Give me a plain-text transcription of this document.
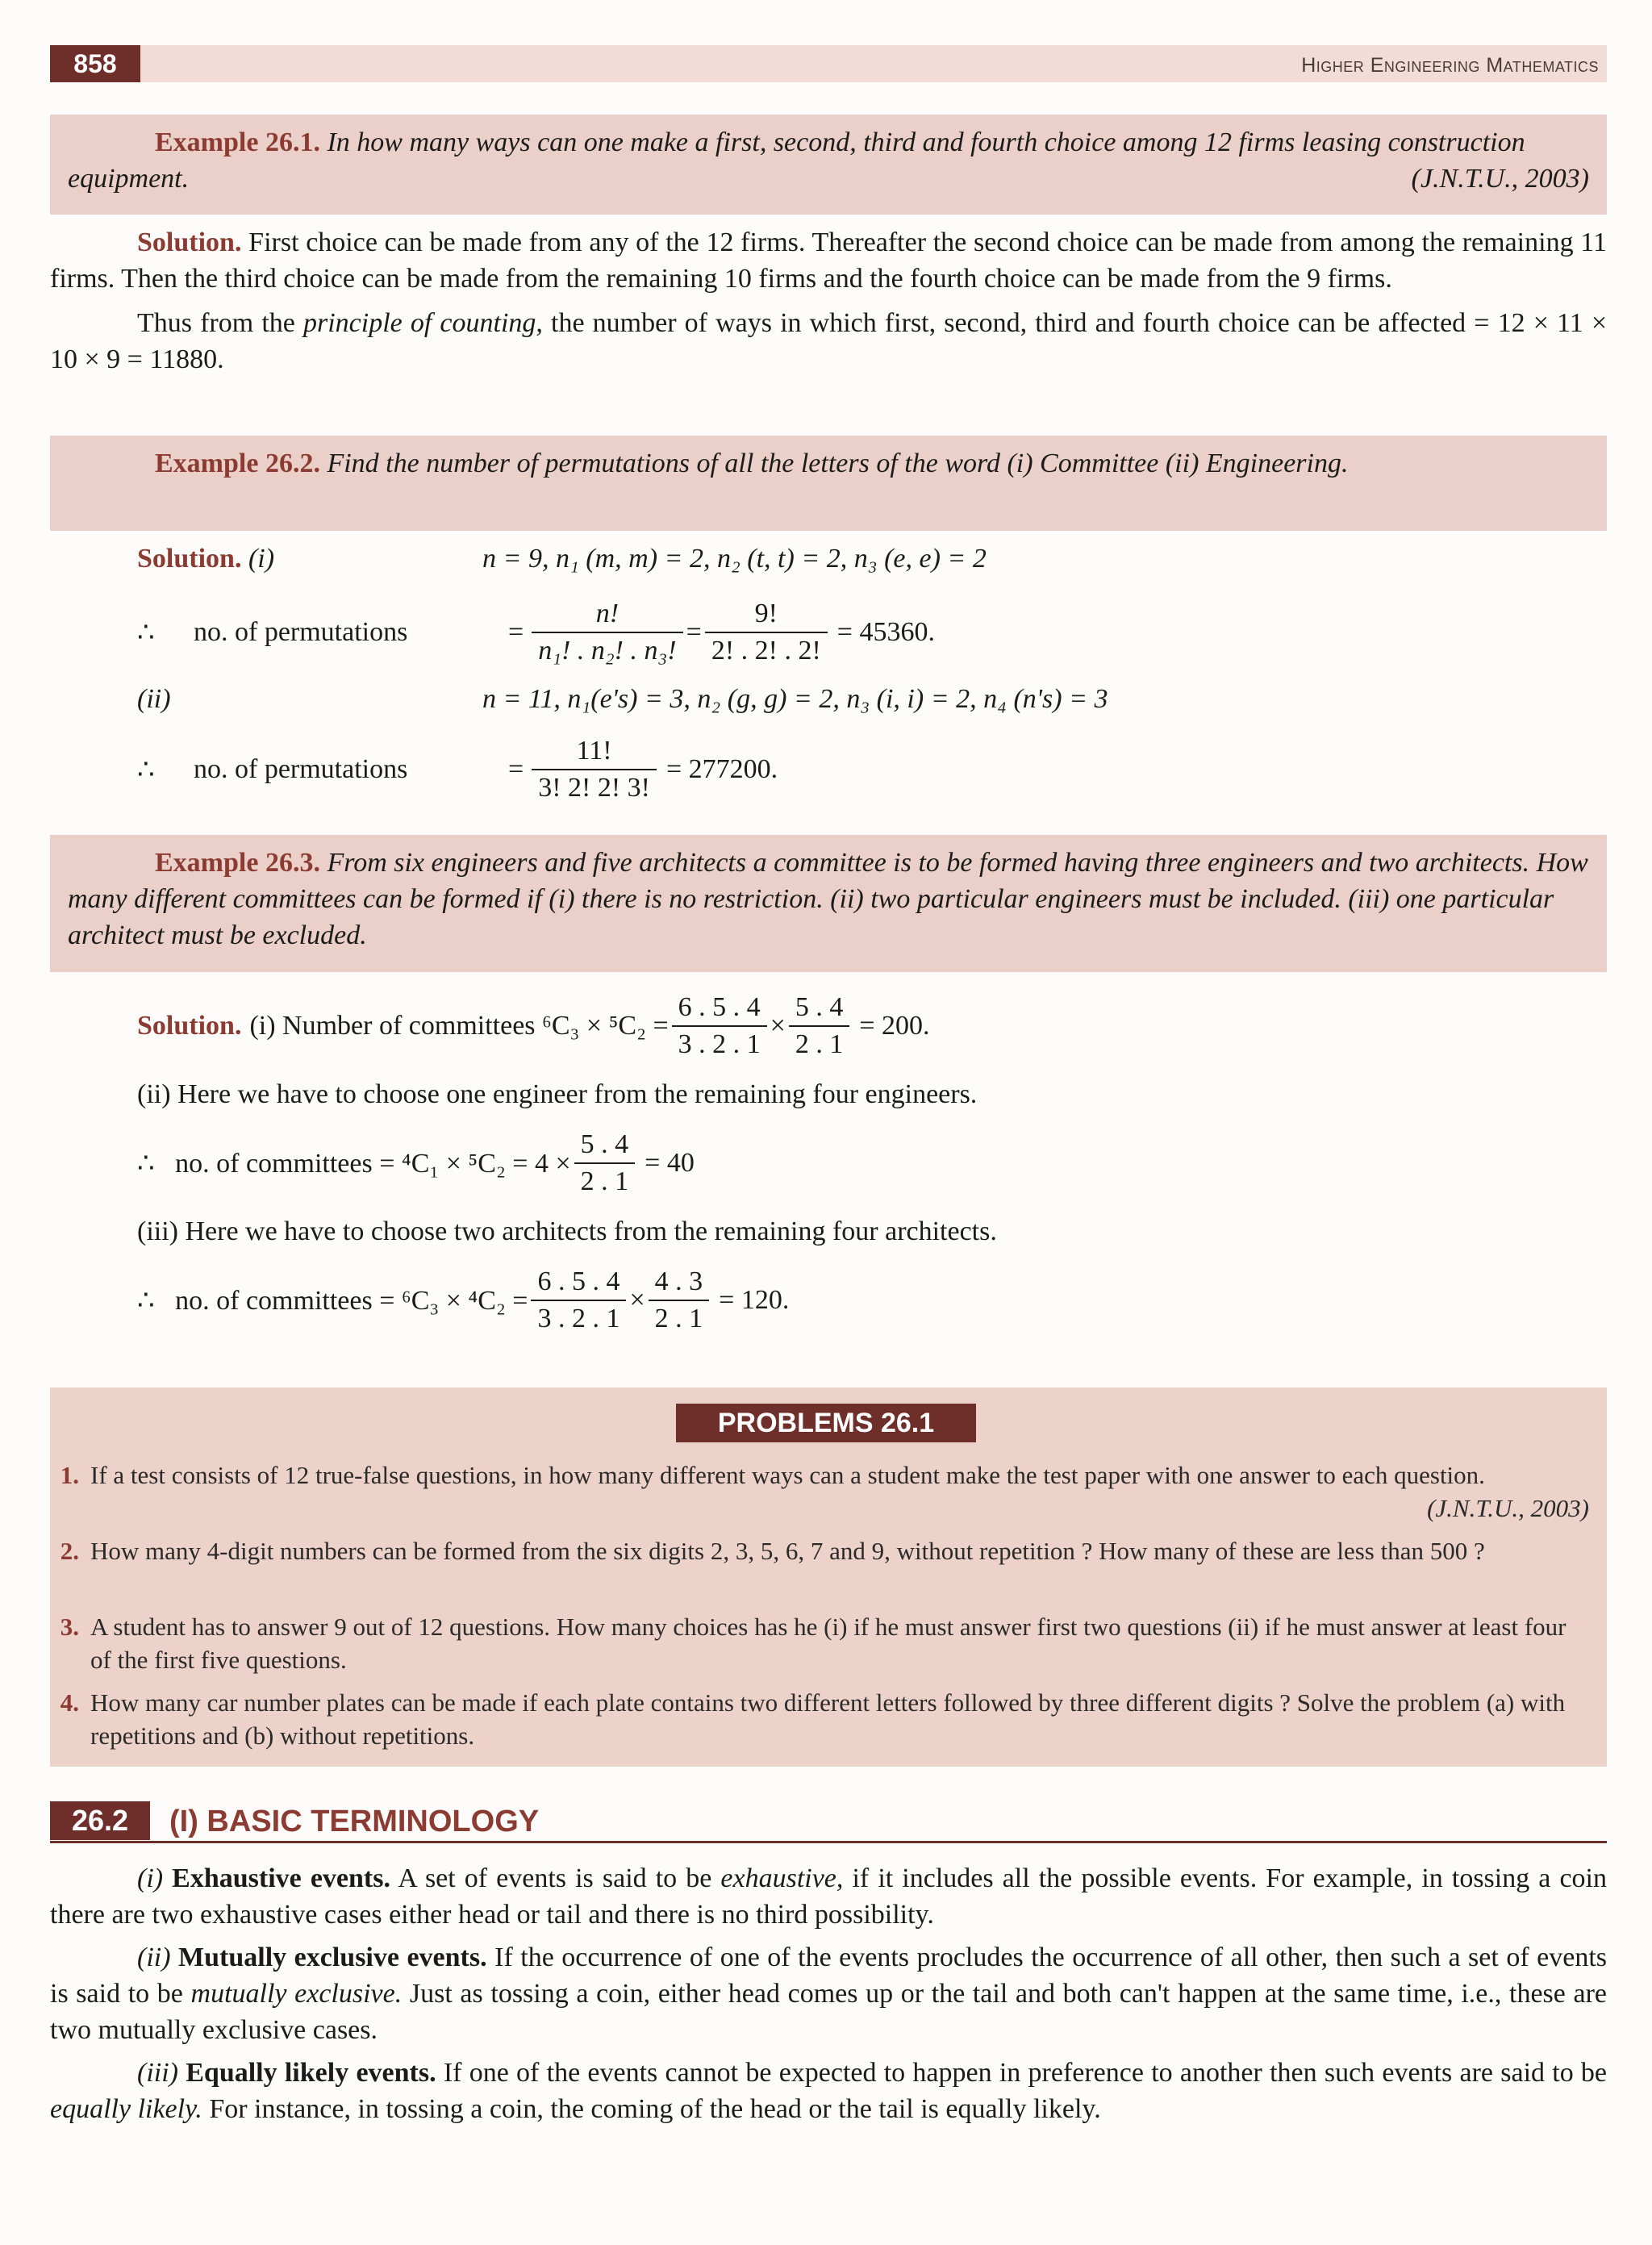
858	Higher Engineering Mathematics

Example 26.1. In how many ways can one make a first, second, third and fourth choice among 12 firms leasing construction equipment.	(J.N.T.U., 2003)

Solution. First choice can be made from any of the 12 firms. Thereafter the second choice can be made from among the remaining 11 firms. Then the third choice can be made from the remaining 10 firms and the fourth choice can be made from the 9 firms.

Thus from the principle of counting, the number of ways in which first, second, third and fourth choice can be affected = 12 × 11 × 10 × 9 = 11880.

Example 26.2. Find the number of permutations of all the letters of the word (i) Committee (ii) Engineering.

Solution. (i)	n = 9, n₁ (m, m) = 2, n₂ (t, t) = 2, n₃ (e, e) = 2
∴	no. of permutations	= $\frac{n!}{\text{n₁! . n₂! . n₃!}} = \frac{9!}{2! . 2! . 2!} = 45360$.
(ii)	n = 11, n₁(e's) = 3, n₂ (g, g) = 2, n₃ (i, i) = 2, n₄ (n's) = 3
∴	no. of permutations	= $\frac{11!}{3! 2! 2! 3!} = 277200$.

Example 26.3. From six engineers and five architects a committee is to be formed having three engineers and two architects. How many different committees can be formed if (i) there is no restriction. (ii) two particular engineers must be included. (iii) one particular architect must be excluded.

Solution. (i) Number of committees $^6C_3 \times ^5C_2 = \frac{6 . 5 . 4}{3 . 2 . 1} \times \frac{5 . 4}{2 . 1} = 200$.
(ii) Here we have to choose one engineer from the remaining four engineers.
∴   no. of committees = $^4C_1 \times ^5C_2 = 4 \times \frac{5 . 4}{2 . 1} = 40$
(iii) Here we have to choose two architects from the remaining four architects.
∴   no. of committees = $^6C_3 \times ^4C_2 = \frac{6 . 5 . 4}{3 . 2 . 1} \times \frac{4 . 3}{2 . 1} = 120$.
PROBLEMS 26.1
1. If a test consists of 12 true-false questions, in how many different ways can a student make the test paper with one answer to each question.
(J.N.T.U., 2003)
2. How many 4-digit numbers can be formed from the six digits 2, 3, 5, 6, 7 and 9, without repetition ? How many of these are less than 500 ?
3. A student has to answer 9 out of 12 questions. How many choices has he (i) if he must answer first two questions (ii) if he must answer at least four of the first five questions.
4. How many car number plates can be made if each plate contains two different letters followed by three different digits ? Solve the problem (a) with repetitions and (b) without repetitions.
26.2	(I) BASIC TERMINOLOGY

(i) Exhaustive events. A set of events is said to be exhaustive, if it includes all the possible events. For example, in tossing a coin there are two exhaustive cases either head or tail and there is no third possibility.

(ii) Mutually exclusive events. If the occurrence of one of the events procludes the occurrence of all other, then such a set of events is said to be mutually exclusive. Just as tossing a coin, either head comes up or the tail and both can't happen at the same time, i.e., these are two mutually exclusive cases.

(iii) Equally likely events. If one of the events cannot be expected to happen in preference to another then such events are said to be equally likely. For instance, in tossing a coin, the coming of the head or the tail is equally likely.
